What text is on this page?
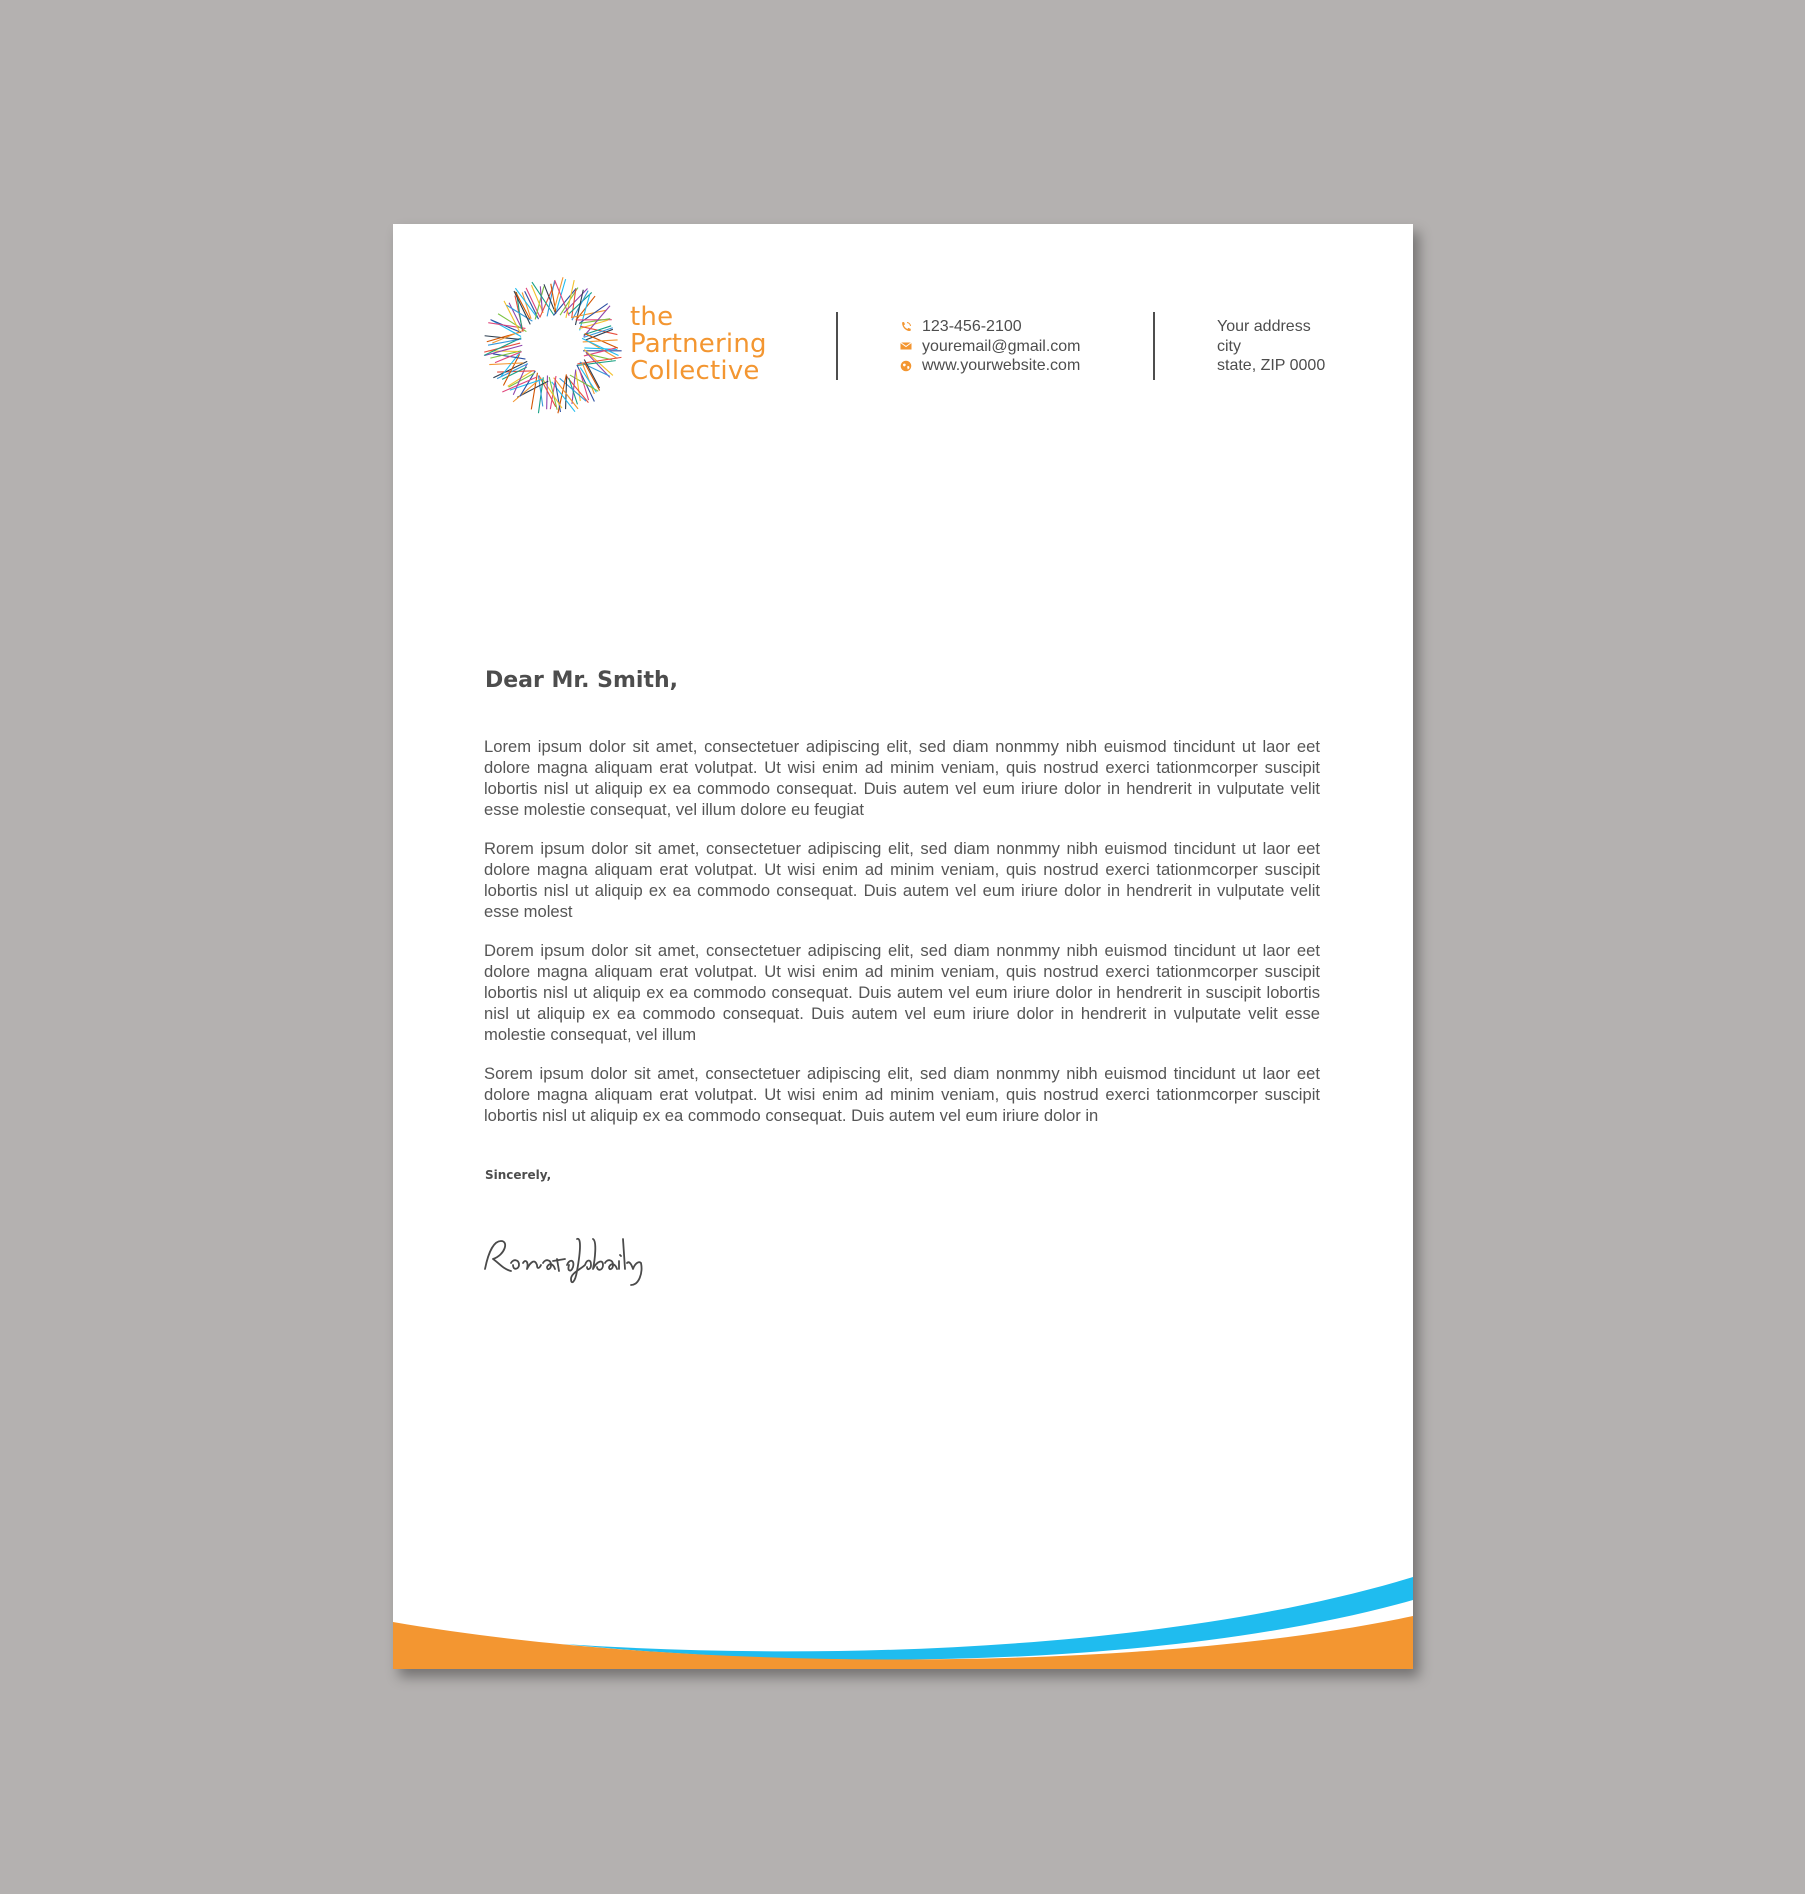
the
Partnering
Collective
123-456-2100
youremail@gmail.com
www.yourwebsite.com
Your address
city
state, ZIP 0000
Dear Mr. Smith,

Lorem ipsum dolor sit amet, consectetuer adipiscing elit, sed diam nonmmy nibh euismod tincidunt ut laor eet dolore magna aliquam erat volutpat. Ut wisi enim ad minim veniam, quis nostrud exerci tationmcorper suscipit lobortis nisl ut aliquip ex ea commodo consequat. Duis autem vel eum iriure dolor in hendrerit in vulputate velit esse molestie consequat, vel illum dolore eu feugiat

Rorem ipsum dolor sit amet, consectetuer adipiscing elit, sed diam nonmmy nibh euismod tincidunt ut laor eet dolore magna aliquam erat volutpat. Ut wisi enim ad minim veniam, quis nostrud exerci tationmcorper suscipit lobortis nisl ut aliquip ex ea commodo consequat. Duis autem vel eum iriure dolor in hendrerit in vulputate velit esse molest

Dorem ipsum dolor sit amet, consectetuer adipiscing elit, sed diam nonmmy nibh euismod tincidunt ut laor eet dolore magna aliquam erat volutpat. Ut wisi enim ad minim veniam, quis nostrud exerci tationmcorper suscipit lobortis nisl ut aliquip ex ea commodo consequat. Duis autem vel eum iriure dolor in hendrerit in suscipit lobortis nisl ut aliquip ex ea commodo consequat. Duis autem vel eum iriure dolor in hendrerit in vulputate velit esse molestie consequat, vel illum

Sorem ipsum dolor sit amet, consectetuer adipiscing elit, sed diam nonmmy nibh euismod tincidunt ut laor eet dolore magna aliquam erat volutpat. Ut wisi enim ad minim veniam, quis nostrud exerci tationmcorper suscipit lobortis nisl ut aliquip ex ea commodo consequat. Duis autem vel eum iriure dolor in

Sincerely,
